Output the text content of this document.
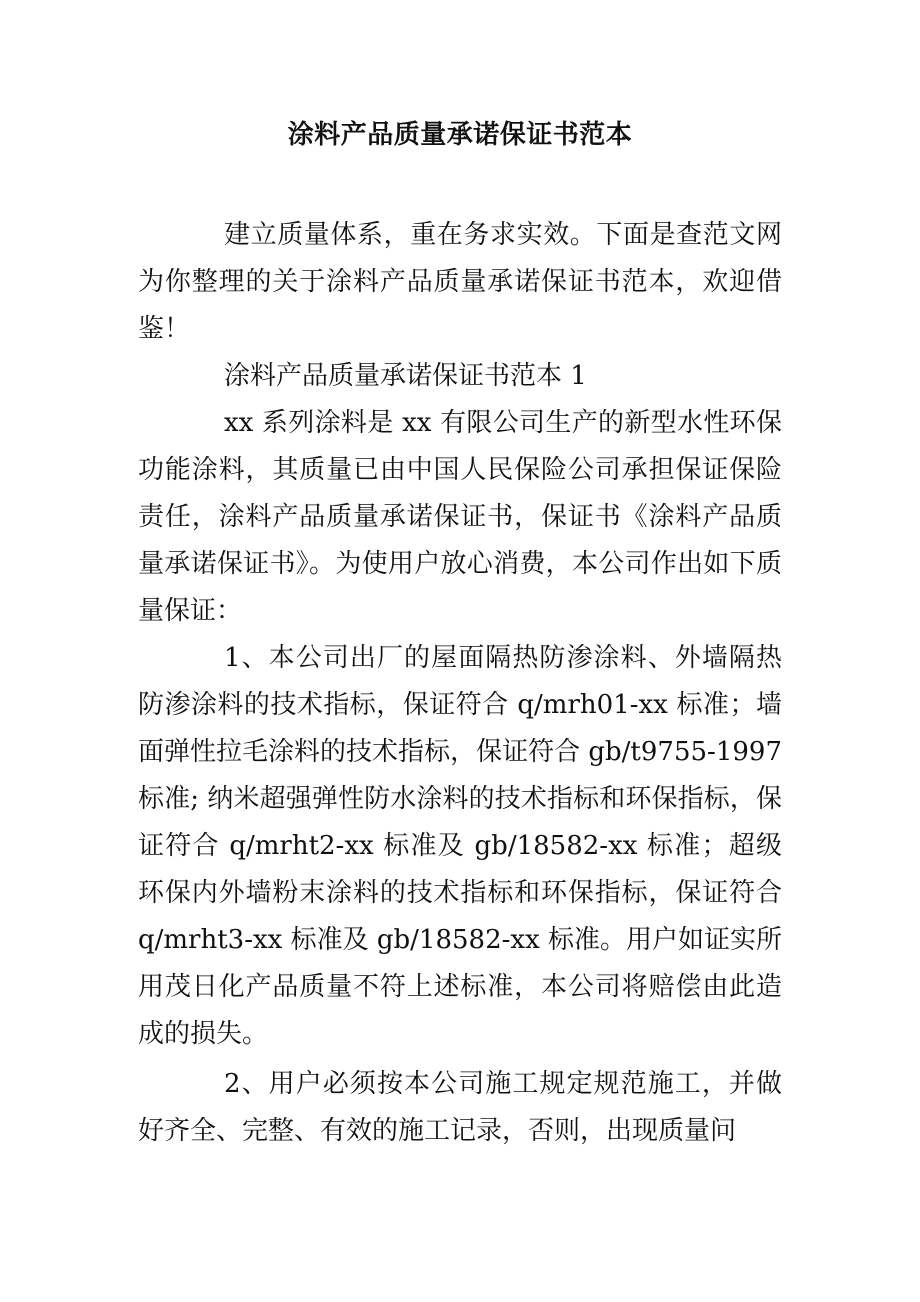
涂料产品质量承诺保证书范本

建立质量体系，重在务求实效。下面是查范文网为你整理的关于涂料产品质量承诺保证书范本，欢迎借鉴！

涂料产品质量承诺保证书范本 1

xx 系列涂料是 xx 有限公司生产的新型水性环保功能涂料，其质量已由中国人民保险公司承担保证保险责任，涂料产品质量承诺保证书，保证书《涂料产品质量承诺保证书》。为使用户放心消费，本公司作出如下质量保证：

1、本公司出厂的屋面隔热防渗涂料、外墙隔热防渗涂料的技术指标，保证符合 q/mrh01-xx 标准；墙面弹性拉毛涂料的技术指标，保证符合 gb/t9755-1997 标准; 纳米超强弹性防水涂料的技术指标和环保指标，保证符合 q/mrht2-xx 标准及 gb/18582-xx 标准；超级环保内外墙粉末涂料的技术指标和环保指标，保证符合 q/mrht3-xx 标准及 gb/18582-xx 标准。用户如证实所用茂日化产品质量不符上述标准，本公司将赔偿由此造成的损失。

2、用户必须按本公司施工规定规范施工，并做好齐全、完整、有效的施工记录，否则，出现质量问
